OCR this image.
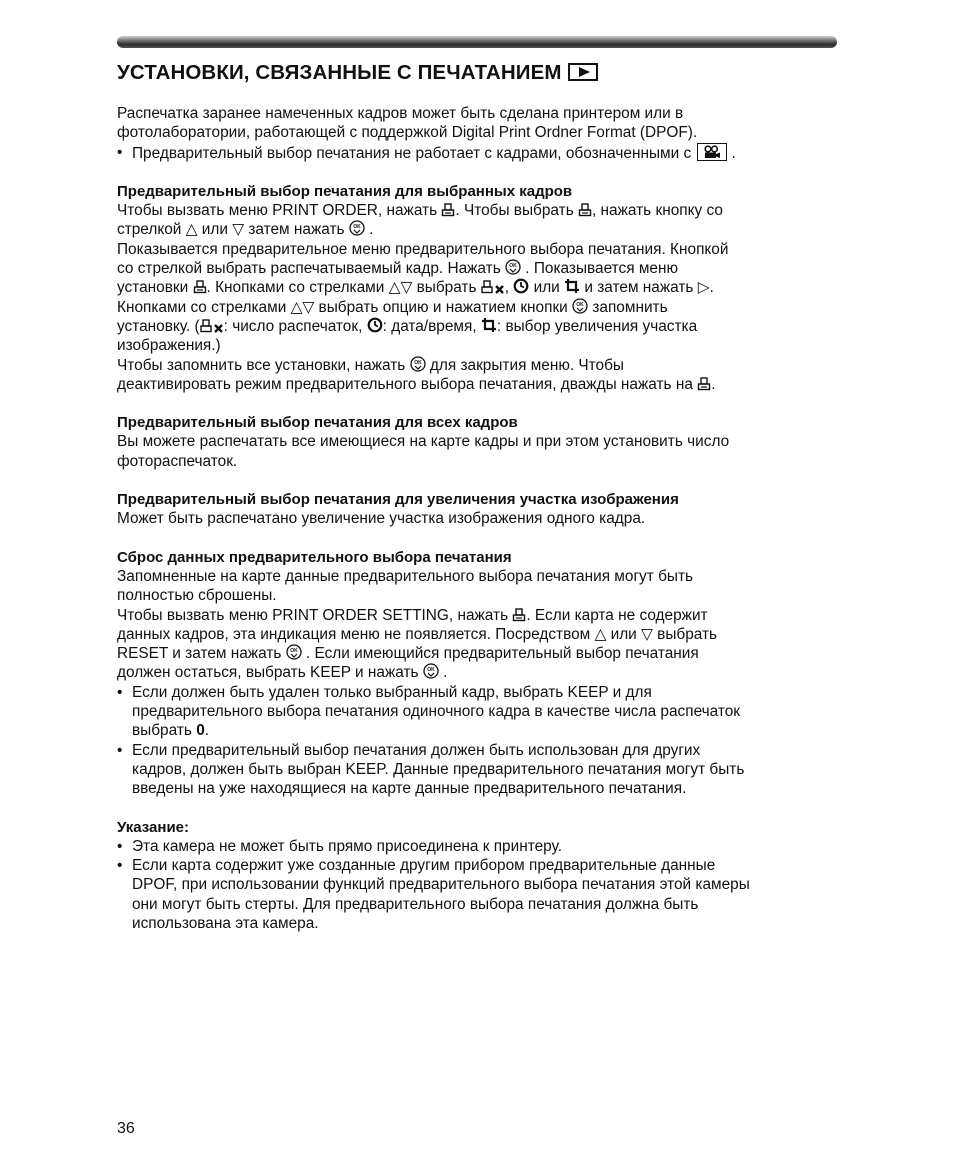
УСТАНОВКИ, СВЯЗАННЫЕ С ПЕЧАТАНИЕМ

Распечатка заранее намеченных кадров может быть сделана принтером или в

фотолаборатории, работающей с поддержкой Digital Print Ordner Format (DPOF).

• Предварительный выбор печатания не работает с кадрами, обозначенными с
.

Предварительный выбор печатания для выбранных кадров

Чтобы вызвать меню PRINT ORDER, нажать . Чтобы выбрать , нажать кнопку со

стрелкой △ или ▽ затем нажать .

Показывается предварительное меню предварительного выбора печатания. Кнопкой

со стрелкой выбрать распечатываемый кадр. Нажать . Показывается меню

установки . Кнопками со стрелками △▽ выбрать , или и затем нажать ▷.

Кнопками со стрелками △▽ выбрать опцию и нажатием кнопки запомнить

установку. ( : число распечаток, : дата/время, : выбор увеличения участка

изображения.)

Чтобы запомнить все установки, нажать для закрытия меню. Чтобы

деактивировать режим предварительного выбора печатания, дважды нажать на .

Предварительный выбор печатания для всех кадров

Вы можете распечатать все имеющиеся на карте кадры и при этом установить число

фотораспечаток.

Предварительный выбор печатания для увеличения участка изображения

Может быть распечатано увеличение участка изображения одного кадра.

Сброс данных предварительного выбора печатания

Запомненные на карте данные предварительного выбора печатания могут быть

полностью сброшены.

Чтобы вызвать меню PRINT ORDER SETTING, нажать . Если карта не содержит

данных кадров, эта индикация меню не появляется. Посредством △ или ▽ выбрать

RESET и затем нажать . Если имеющийся предварительный выбор печатания

должен остаться, выбрать KEEP и нажать .

• Если должен быть удален только выбранный кадр, выбрать KEEP и для

предварительного выбора печатания одиночного кадра в качестве числа распечаток

выбрать 0.

• Если предварительный выбор печатания должен быть использован для других

кадров, должен быть выбран KEEP. Данные предварительного печатания могут быть

введены на уже находящиеся на карте данные предварительного печатания.

Указание:

• Эта камера не может быть прямо присоединена к принтеру.

• Если карта содержит уже созданные другим прибором предварительные данные

DPOF, при использовании функций предварительного выбора печатания этой камеры

они могут быть стерты. Для предварительного выбора печатания должна быть

использована эта камера.

36
